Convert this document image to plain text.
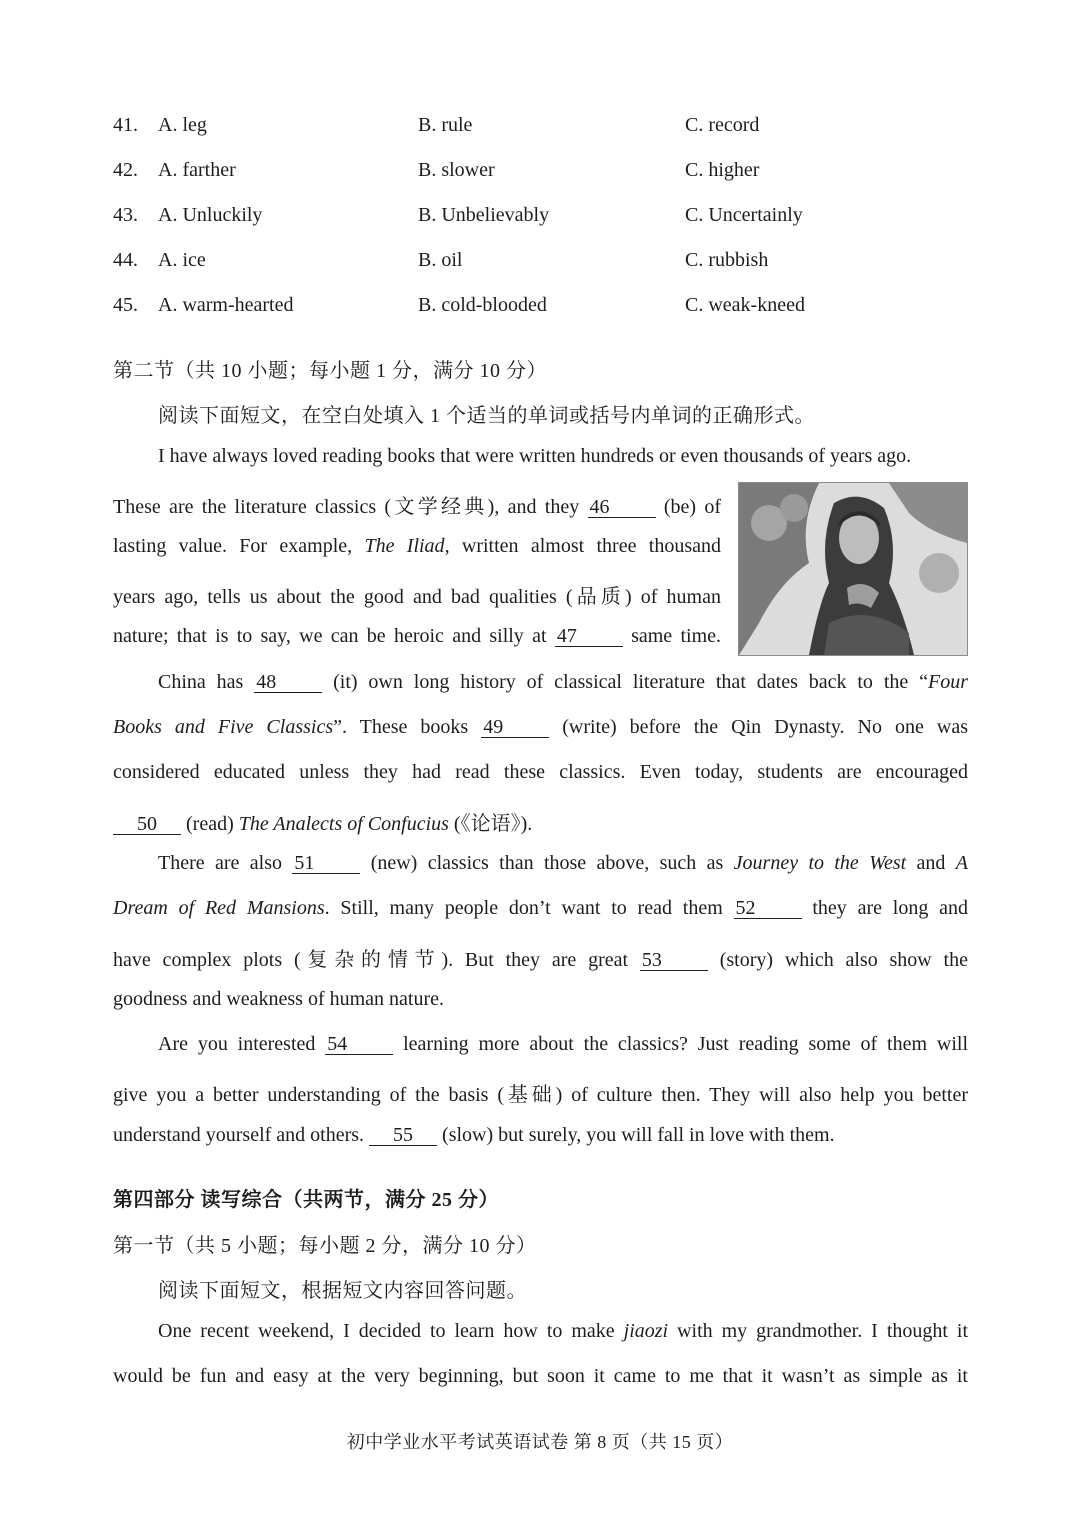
41. A. leg	B. rule	C. record
42. A. farther	B. slower	C. higher
43. A. Unluckily	B. Unbelievably	C. Uncertainly
44. A. ice	B. oil	C. rubbish
45. A. warm-hearted	B. cold-blooded	C. weak-kneed
第二节（共 10 小题；每小题 1 分，满分 10 分）
阅读下面短文，在空白处填入 1 个适当的单词或括号内单词的正确形式。
I have always loved reading books that were written hundreds or even thousands of years ago.
These are the literature classics (文学经典), and they 46	(be) of
lasting value. For example, The Iliad, written almost three thousand
years ago, tells us about the good and bad qualities (品质) of human
nature; that is to say, we can be heroic and silly at 47	same time.
China has 48	(it) own long history of classical literature that dates back to the “Four
Books and Five Classics”. These books 49	(write) before the Qin Dynasty. No one was
considered educated unless they had read these classics. Even today, students are encouraged
50 (read) The Analects of Confucius (《论语》).
There are also 51	(new) classics than those above, such as Journey to the West and A
Dream of Red Mansions. Still, many people don’t want to read them 52	they are long and
have complex plots (复杂的情节). But they are great 53	(story) which also show the
goodness and weakness of human nature.
Are you interested 54	learning more about the classics? Just reading some of them will
give you a better understanding of the basis (基础) of culture then. They will also help you better
understand yourself and others. 55 (slow) but surely, you will fall in love with them.
第四部分 读写综合（共两节，满分 25 分）
第一节（共 5 小题；每小题 2 分，满分 10 分）
阅读下面短文，根据短文内容回答问题。
One recent weekend, I decided to learn how to make jiaozi with my grandmother. I thought it
would be fun and easy at the very beginning, but soon it came to me that it wasn’t as simple as it
初中学业水平考试英语试卷 第 8 页（共 15 页）
